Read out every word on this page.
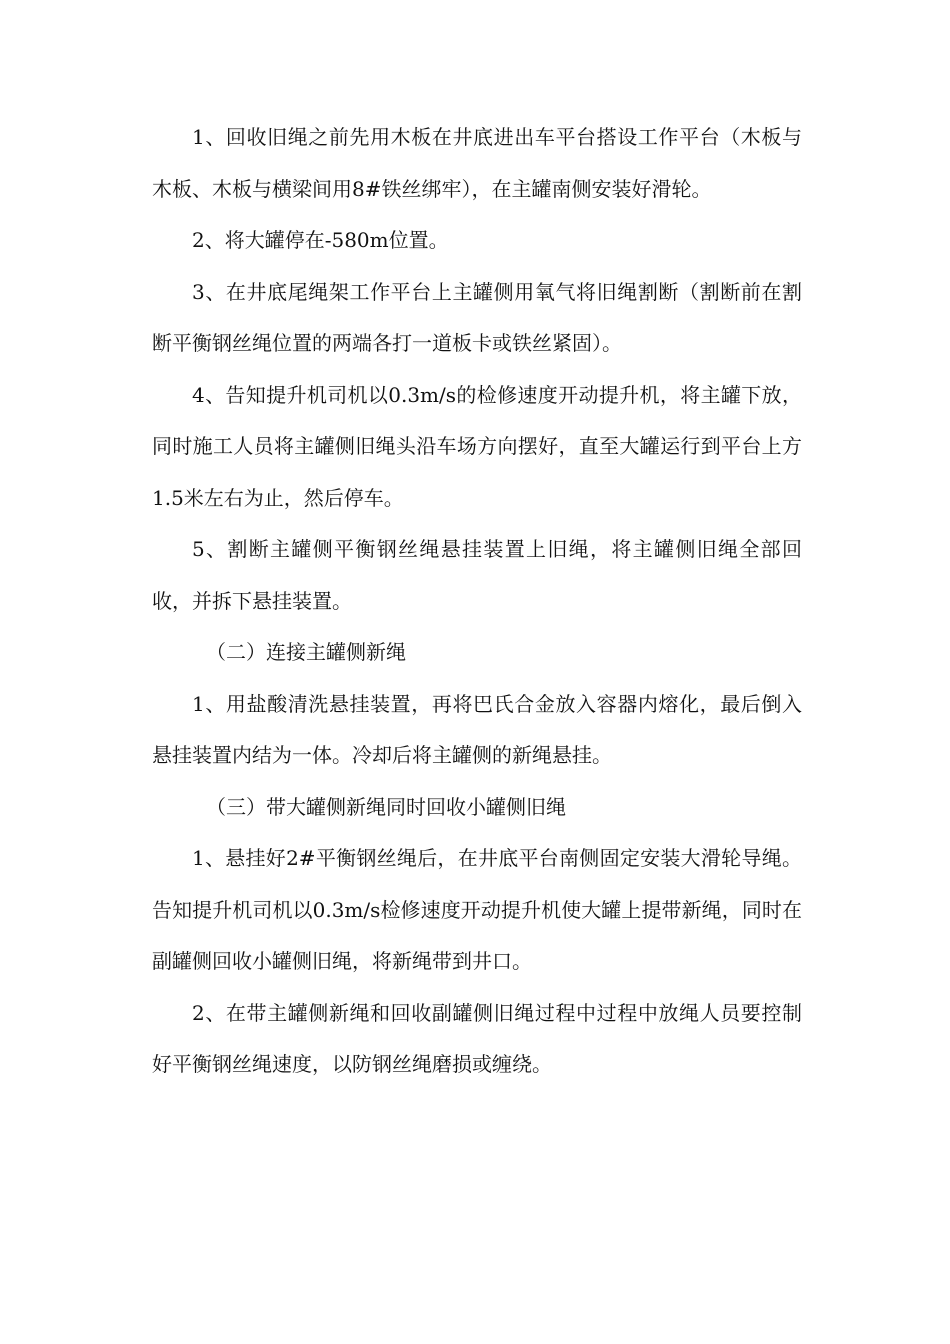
1、回收旧绳之前先用木板在井底进出车平台搭设工作平台（木板与木板、木板与横梁间用8#铁丝绑牢），在主罐南侧安装好滑轮。

2、将大罐停在-580m位置。

3、在井底尾绳架工作平台上主罐侧用氧气将旧绳割断（割断前在割断平衡钢丝绳位置的两端各打一道板卡或铁丝紧固）。

4、告知提升机司机以0.3m/s的检修速度开动提升机，将主罐下放，同时施工人员将主罐侧旧绳头沿车场方向摆好，直至大罐运行到平台上方1.5米左右为止，然后停车。

5、割断主罐侧平衡钢丝绳悬挂装置上旧绳，将主罐侧旧绳全部回收，并拆下悬挂装置。

（二）连接主罐侧新绳

1、用盐酸清洗悬挂装置，再将巴氏合金放入容器内熔化，最后倒入悬挂装置内结为一体。冷却后将主罐侧的新绳悬挂。

（三）带大罐侧新绳同时回收小罐侧旧绳

1、悬挂好2#平衡钢丝绳后，在井底平台南侧固定安装大滑轮导绳。告知提升机司机以0.3m/s检修速度开动提升机使大罐上提带新绳，同时在副罐侧回收小罐侧旧绳，将新绳带到井口。

2、在带主罐侧新绳和回收副罐侧旧绳过程中过程中放绳人员要控制好平衡钢丝绳速度，以防钢丝绳磨损或缠绕。
